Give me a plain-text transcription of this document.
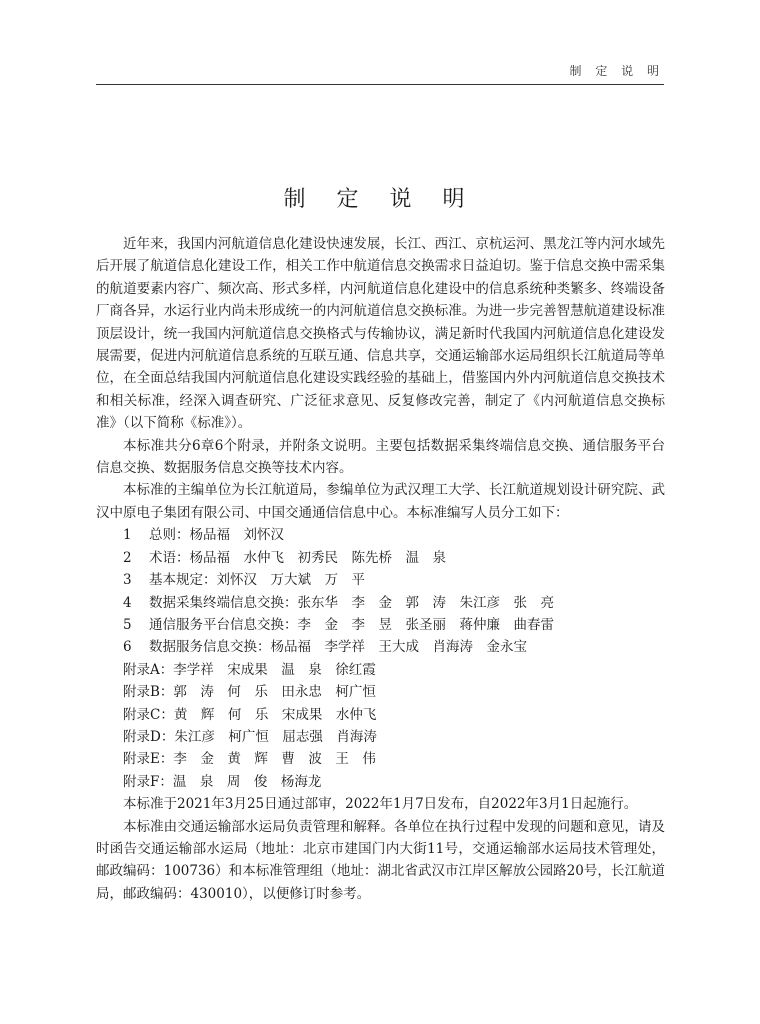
制 定 说 明
制 定 说 明

近年来，我国内河航道信息化建设快速发展，长江、西江、京杭运河、黑龙江等内河水域先后开展了航道信息化建设工作，相关工作中航道信息交换需求日益迫切。鉴于信息交换中需采集的航道要素内容广、频次高、形式多样，内河航道信息化建设中的信息系统种类繁多、终端设备厂商各异，水运行业内尚未形成统一的内河航道信息交换标准。为进一步完善智慧航道建设标准顶层设计，统一我国内河航道信息交换格式与传输协议，满足新时代我国内河航道信息化建设发展需要，促进内河航道信息系统的互联互通、信息共享，交通运输部水运局组织长江航道局等单位，在全面总结我国内河航道信息化建设实践经验的基础上，借鉴国内外内河航道信息交换技术和相关标准，经深入调查研究、广泛征求意见、反复修改完善，制定了《内河航道信息交换标准》（以下简称《标准》）。

本标准共分6章6个附录，并附条文说明。主要包括数据采集终端信息交换、通信服务平台信息交换、数据服务信息交换等技术内容。

本标准的主编单位为长江航道局，参编单位为武汉理工大学、长江航道规划设计研究院、武汉中原电子集团有限公司、中国交通通信信息中心。本标准编写人员分工如下：

1 总则：杨品福　刘怀汉

2 术语：杨品福　水仲飞　初秀民　陈先桥　温　泉

3 基本规定：刘怀汉　万大斌　万　平

4 数据采集终端信息交换：张东华　李　金　郭　涛　朱江彦　张　亮

5 通信服务平台信息交换：李　金　李　昱　张圣丽　蒋仲廉　曲春雷

6 数据服务信息交换：杨品福　李学祥　王大成　肖海涛　金永宝

附录A：李学祥　宋成果　温　泉　徐红霞

附录B：郭　涛　何　乐　田永忠　柯广恒

附录C：黄　辉　何　乐　宋成果　水仲飞

附录D：朱江彦　柯广恒　屈志强　肖海涛

附录E：李　金　黄　辉　曹　波　王　伟

附录F：温　泉　周　俊　杨海龙

本标准于2021年3月25日通过部审，2022年1月7日发布，自2022年3月1日起施行。

本标准由交通运输部水运局负责管理和解释。各单位在执行过程中发现的问题和意见，请及时函告交通运输部水运局（地址：北京市建国门内大街11号，交通运输部水运局技术管理处，邮政编码：100736）和本标准管理组（地址：湖北省武汉市江岸区解放公园路20号，长江航道局，邮政编码：430010），以便修订时参考。
